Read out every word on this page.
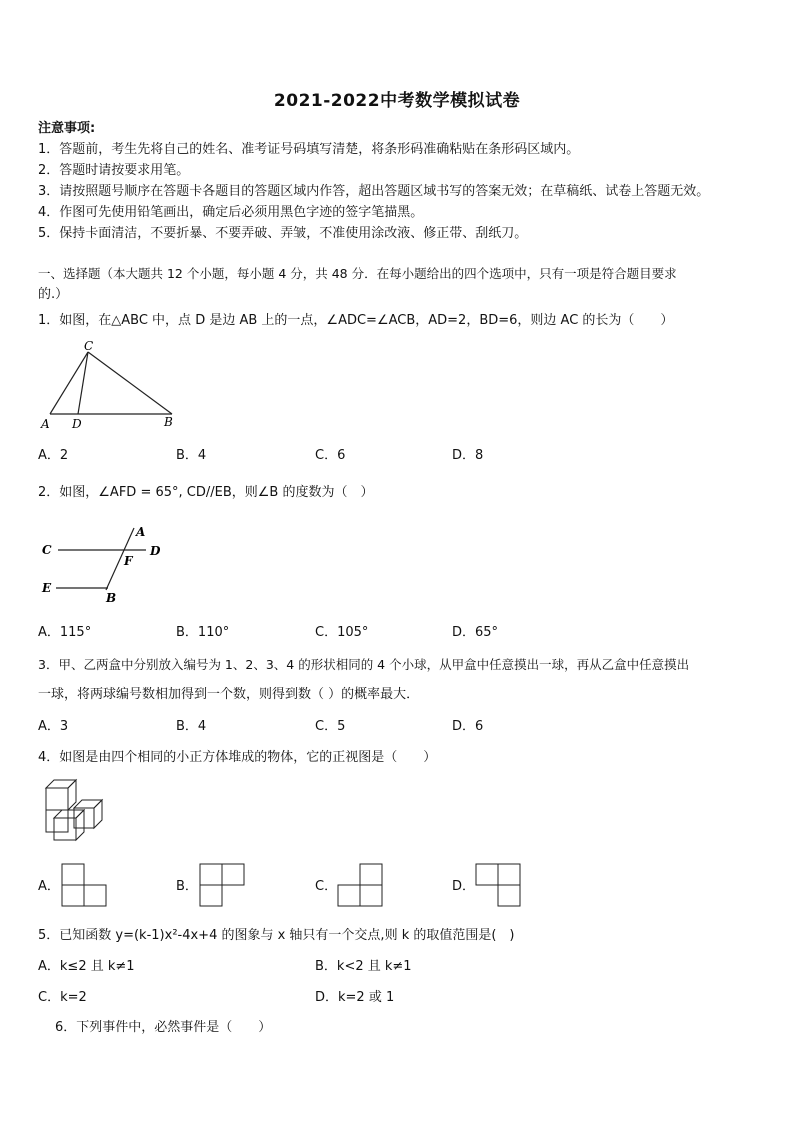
2021-2022中考数学模拟试卷
注意事项:
1．答题前，考生先将自己的姓名、准考证号码填写清楚，将条形码准确粘贴在条形码区域内。
2．答题时请按要求用笔。
3．请按照题号顺序在答题卡各题目的答题区域内作答，超出答题区域书写的答案无效；在草稿纸、试卷上答题无效。
4．作图可先使用铅笔画出，确定后必须用黑色字迹的签字笔描黑。
5．保持卡面清洁，不要折暴、不要弄破、弄皱，不准使用涂改液、修正带、刮纸刀。
一、选择题（本大题共 12 个小题，每小题 4 分，共 48 分．在每小题给出的四个选项中，只有一项是符合题目要求
的.）
1．如图，在△ABC 中，点 D 是边 AB 上的一点，∠ADC=∠ACB，AD=2，BD=6，则边 AC 的长为（　　）
C
A D	B
A．2	B．4	C．6	D．8
2．如图，∠AFD = 65°, CD//EB，则∠B 的度数为（　）
A
C	D
F
E
B
A．115°	B．110°	C．105°	D．65°
3．甲、乙两盒中分别放入编号为 1、2、3、4 的形状相同的 4 个小球，从甲盒中任意摸出一球，再从乙盒中任意摸出
一球，将两球编号数相加得到一个数，则得到数（ ）的概率最大．
A．3	B．4	C．5	D．6
4．如图是由四个相同的小正方体堆成的物体，它的正视图是（　　）
A．	B．	C．	D．
5．已知函数 y=(k-1)x²-4x+4 的图象与 x 轴只有一个交点,则 k 的取值范围是(　)
A．k≤2 且 k≠1	B．k<2 且 k≠1
C．k=2	D．k=2 或 1
6．下列事件中，必然事件是（　　）
